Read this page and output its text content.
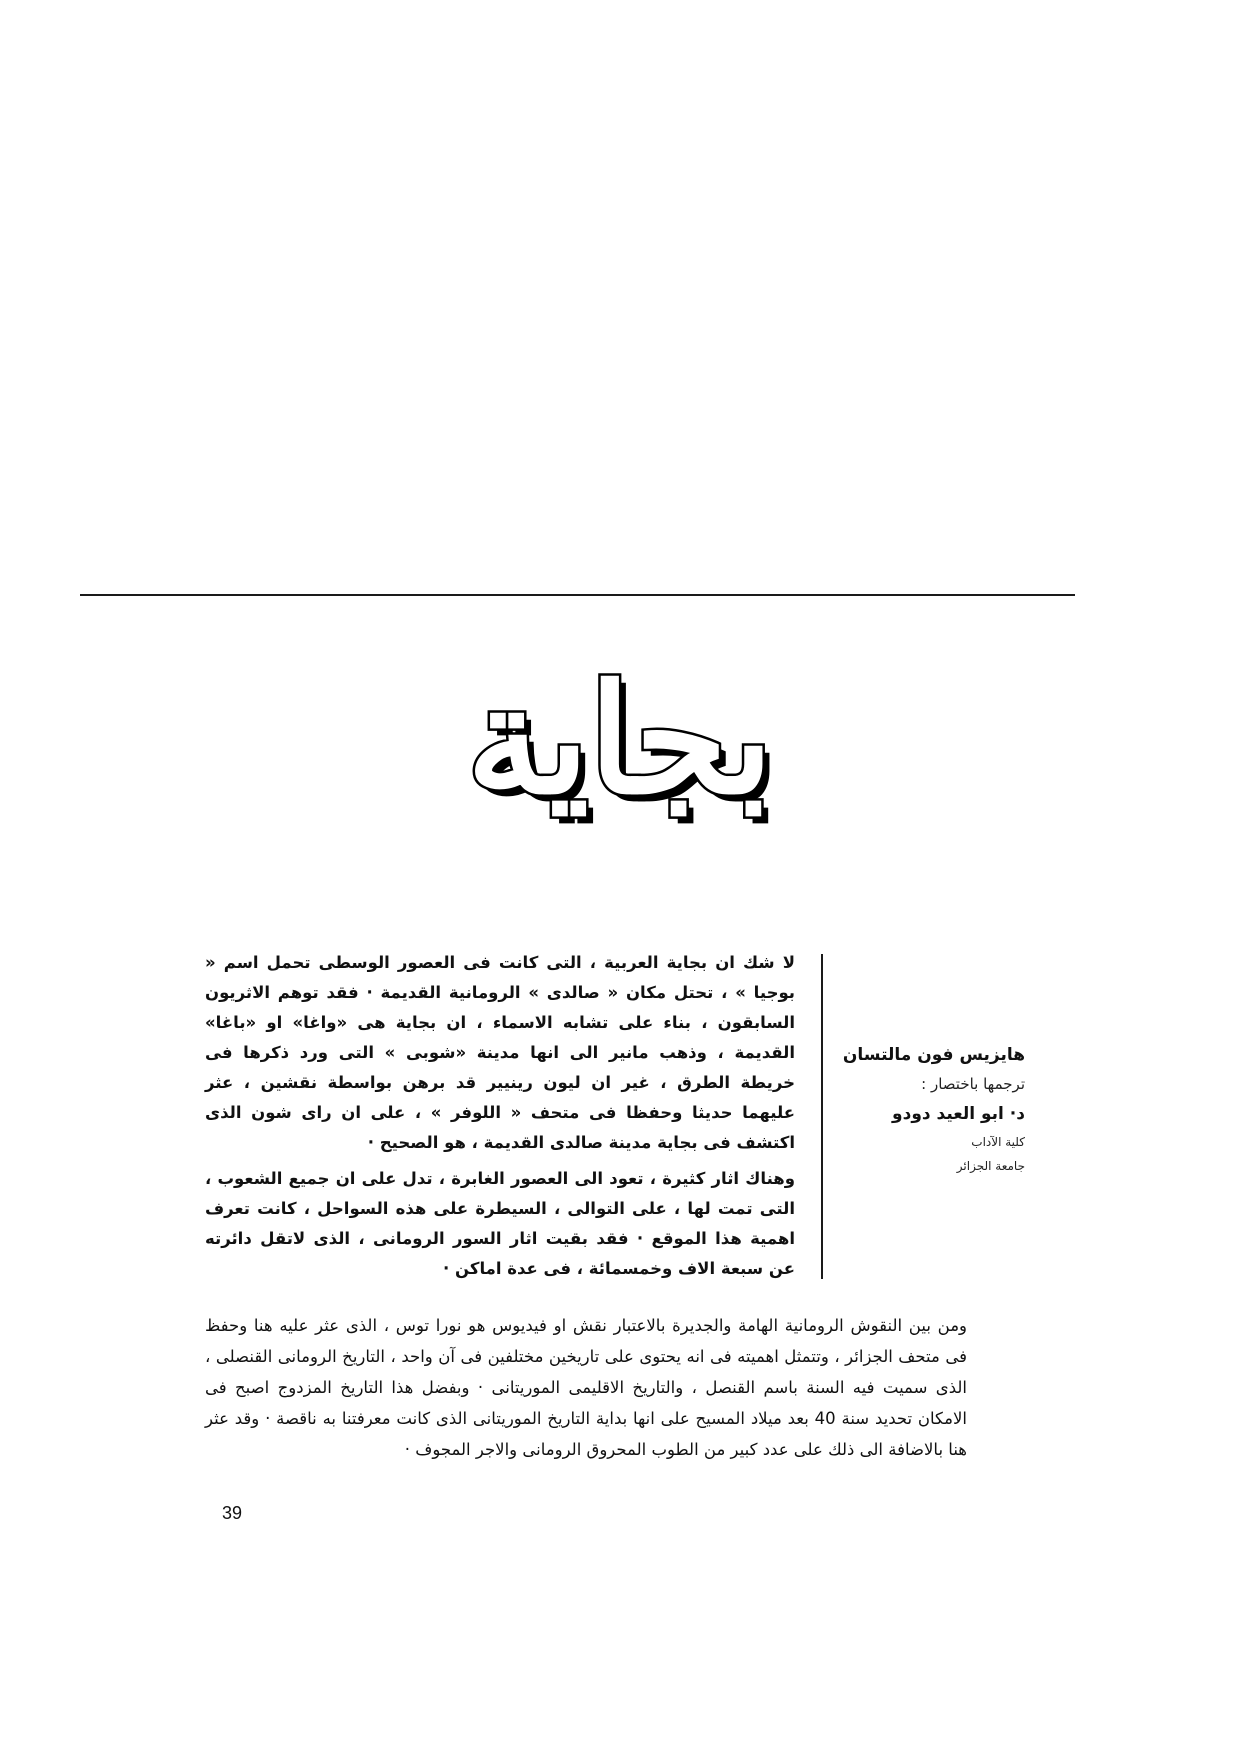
بجاية

لا شك ان بجاية العربية ، التى كانت فى العصور الوسطى تحمل اسم « بوجيا » ، تحتل مكان « صالدى » الرومانية القديمة · فقد توهم الاثريون السابقون ، بناء على تشابه الاسماء ، ان بجاية هى «واغا» او «باغا» القديمة ، وذهب مانير الى انها مدينة «شوبى » التى ورد ذكرها فى خريطة الطرق ، غير ان ليون رينيير قد برهن بواسطة نقشين ، عثر عليهما حديثا وحفظا فى متحف « اللوفر » ، على ان راى شون الذى اكتشف فى بجاية مدينة صالدى القديمة ، هو الصحيح ·

وهناك اثار كثيرة ، تعود الى العصور الغابرة ، تدل على ان جميع الشعوب ، التى تمت لها ، على التوالى ، السيطرة على هذه السواحل ، كانت تعرف اهمية هذا الموقع · فقد بقيت اثار السور الرومانى ، الذى لاتقل دائرته عن سبعة الاف وخمسمائة ، فى عدة اماكن ·

هايزيس فون مالتسان
ترجمها باختصار :
د· ابو العيد دودو
كلية الآداب
جامعة الجزائر

ومن بين النقوش الرومانية الهامة والجديرة بالاعتبار نقش او فيديوس هو نورا توس ، الذى عثر عليه هنا وحفظ فى متحف الجزائر ، وتتمثل اهميته فى انه يحتوى على تاريخين مختلفين فى آن واحد ، التاريخ الرومانى القنصلى ، الذى سميت فيه السنة باسم القنصل ، والتاريخ الاقليمى الموريتانى · وبفضل هذا التاريخ المزدوج اصبح فى الامكان تحديد سنة 40 بعد ميلاد المسيح على انها بداية التاريخ الموريتانى الذى كانت معرفتنا به ناقصة · وقد عثر هنا بالاضافة الى ذلك على عدد كبير من الطوب المحروق الرومانى والاجر المجوف ·

39
